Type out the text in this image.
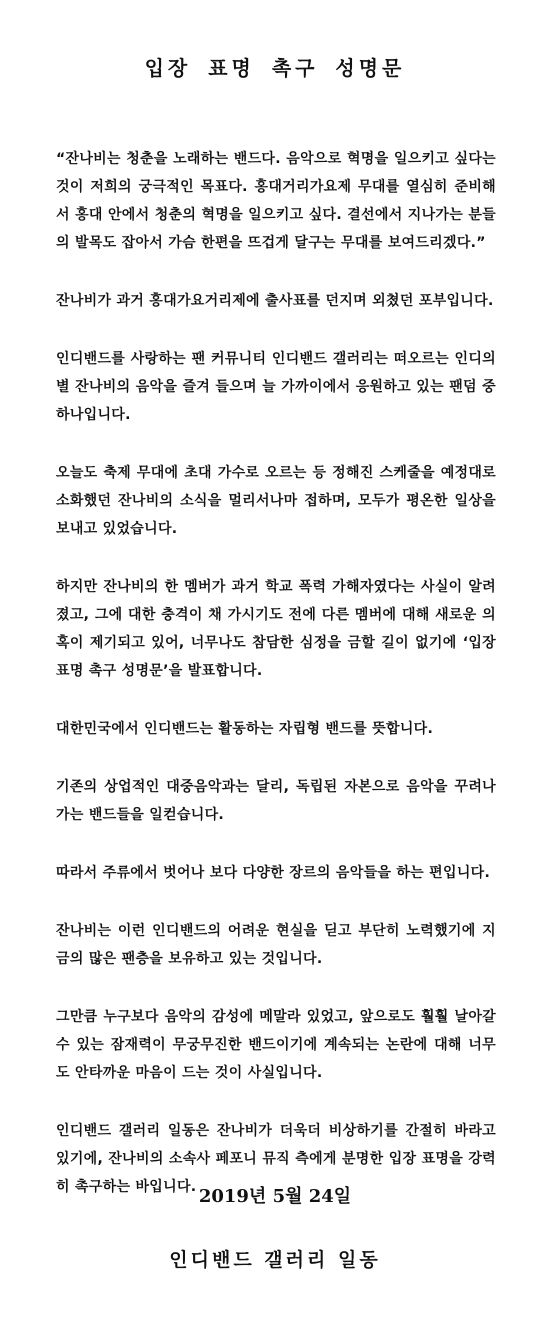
입장 표명 촉구 성명문

“잔나비는 청춘을 노래하는 밴드다. 음악으로 혁명을 일으키고 싶다는 것이 저희의 궁극적인 목표다. 홍대거리가요제 무대를 열심히 준비해서 홍대 안에서 청춘의 혁명을 일으키고 싶다. 결선에서 지나가는 분들의 발목도 잡아서 가슴 한편을 뜨겁게 달구는 무대를 보여드리겠다.”

잔나비가 과거 홍대가요거리제에 출사표를 던지며 외쳤던 포부입니다.

인디밴드를 사랑하는 팬 커뮤니티 인디밴드 갤러리는 떠오르는 인디의 별 잔나비의 음악을 즐겨 들으며 늘 가까이에서 응원하고 있는 팬덤 중 하나입니다.

오늘도 축제 무대에 초대 가수로 오르는 등 정해진 스케줄을 예정대로 소화했던 잔나비의 소식을 멀리서나마 접하며, 모두가 평온한 일상을 보내고 있었습니다.

하지만 잔나비의 한 멤버가 과거 학교 폭력 가해자였다는 사실이 알려졌고, 그에 대한 충격이 채 가시기도 전에 다른 멤버에 대해 새로운 의혹이 제기되고 있어, 너무나도 참담한 심정을 금할 길이 없기에 ‘입장 표명 촉구 성명문’을 발표합니다.

대한민국에서 인디밴드는 활동하는 자립형 밴드를 뜻합니다.

기존의 상업적인 대중음악과는 달리, 독립된 자본으로 음악을 꾸려나가는 밴드들을 일컫습니다.

따라서 주류에서 벗어나 보다 다양한 장르의 음악들을 하는 편입니다.

잔나비는 이런 인디밴드의 어려운 현실을 딛고 부단히 노력했기에 지금의 많은 팬층을 보유하고 있는 것입니다.

그만큼 누구보다 음악의 감성에 메말라 있었고, 앞으로도 훨훨 날아갈 수 있는 잠재력이 무궁무진한 밴드이기에 계속되는 논란에 대해 너무도 안타까운 마음이 드는 것이 사실입니다.

인디밴드 갤러리 일동은 잔나비가 더욱더 비상하기를 간절히 바라고 있기에, 잔나비의 소속사 페포니 뮤직 측에게 분명한 입장 표명을 강력히 촉구하는 바입니다. 2019년 5월 24일

인디밴드 갤러리 일동
